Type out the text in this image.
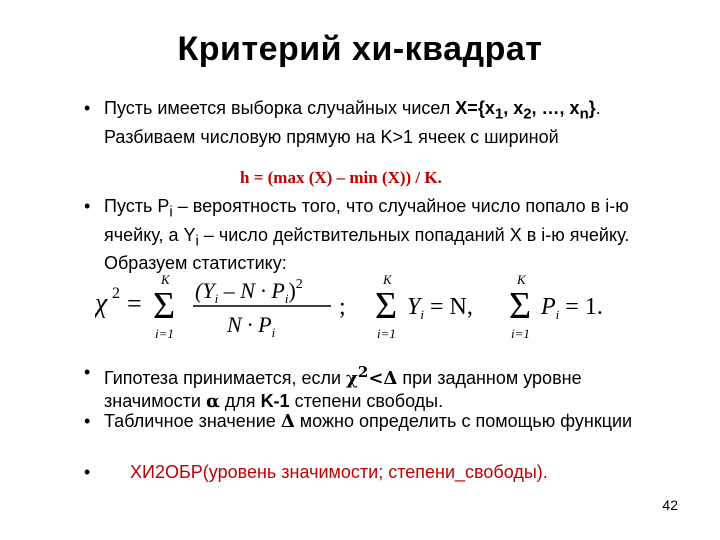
Критерий хи-квадрат
• Пусть имеется выборка случайных чисел $X=\{x_1$, $x_2$, …, $x_n$}. Разбиваем числовую прямую на K>1 ячеек с шириной
h = (max (X) – min (X)) / K.
• Пусть $P_i$ – вероятность того, что случайное число попало в i-ю ячейку, а $Y_i$ – число действительных попаданий X в i-ю ячейку. Образуем статистику:
χ 2 =
K
Σ
i=1
$(Y_i - N \cdot P_i)^2$
$N \cdot P_i$
;
K
Σ
i=1
$Y_i = N$,
K
Σ
i=1
$P_i = 1$.
• Гипотеза принимается, если $\chi^2<\Delta$ при заданном уровне значимости α для K-1 степени свободы.
• Табличное значение Δ можно определить с помощью функции
• ХИ2ОБР(уровень значимости; степени_свободы).
42
